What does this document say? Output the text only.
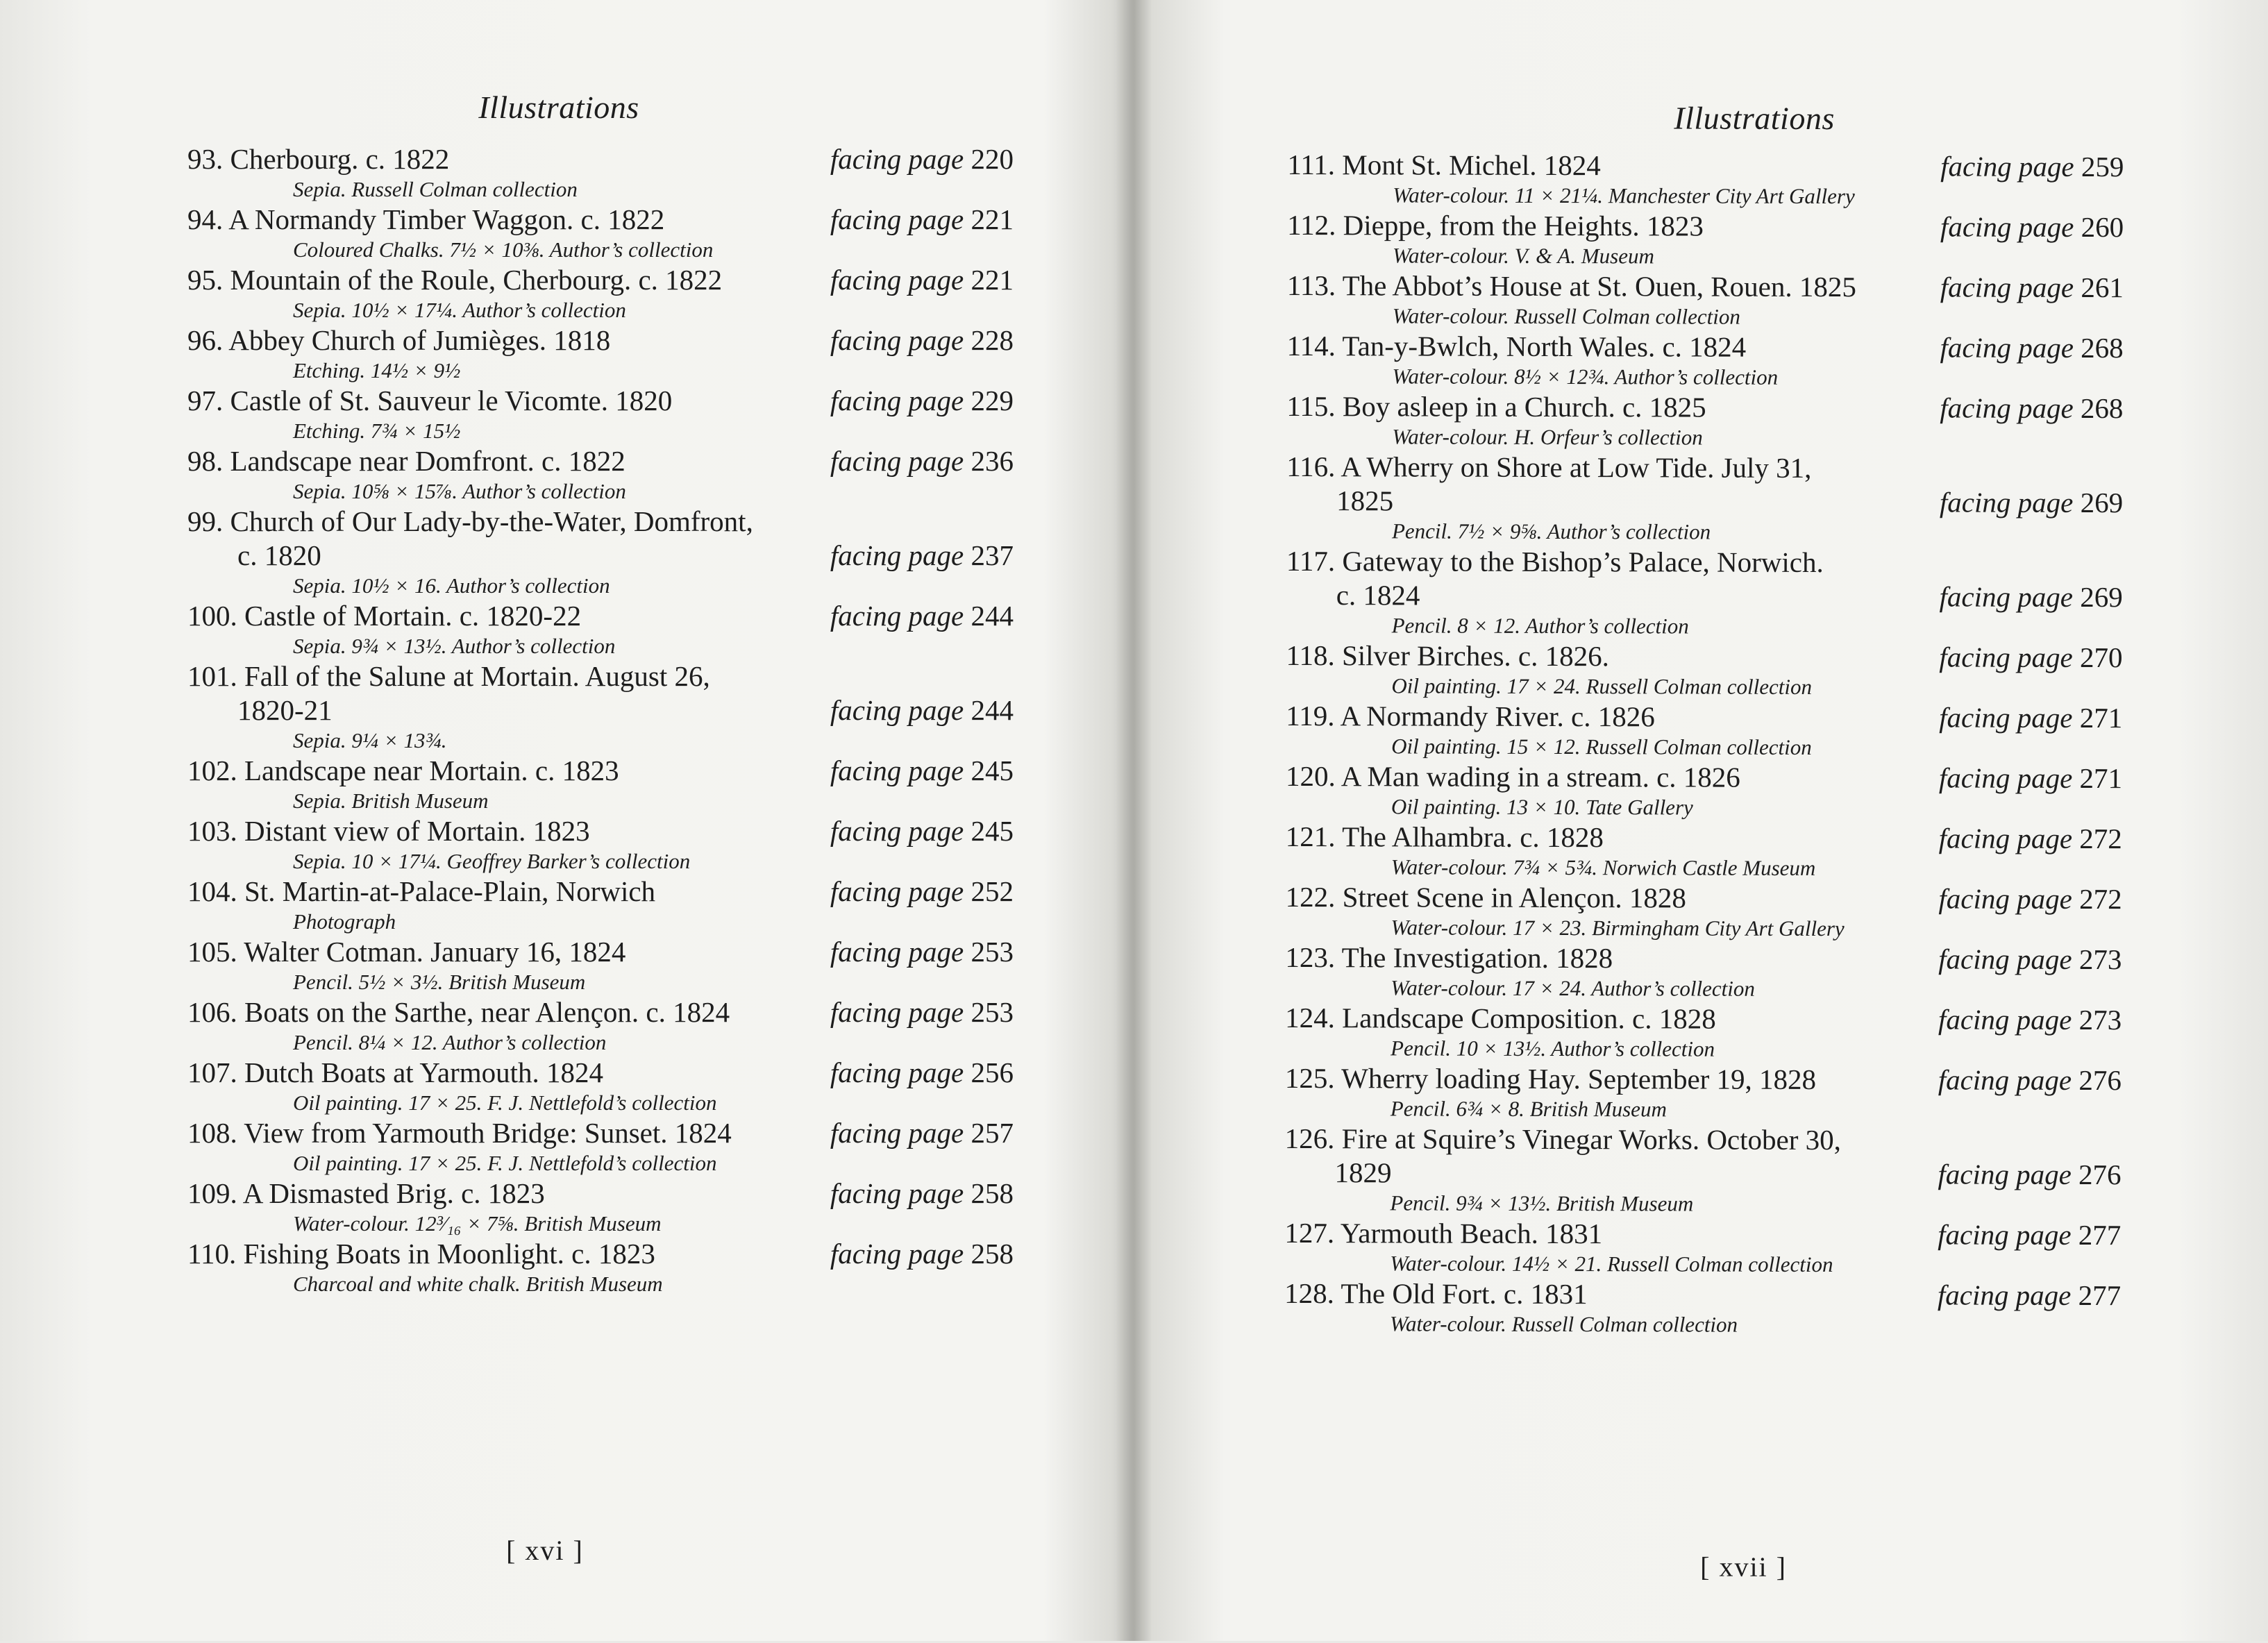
Illustrations
93. Cherbourg. c. 1822
Sepia. Russell Colman collection
facing page 220
94. A Normandy Timber Waggon. c. 1822
Coloured Chalks. 7½ × 10⅜. Author’s collection
facing page 221
95. Mountain of the Roule, Cherbourg. c. 1822
Sepia. 10½ × 17¼. Author’s collection
facing page 221
96. Abbey Church of Jumièges. 1818
Etching. 14½ × 9½
facing page 228
97. Castle of St. Sauveur le Vicomte. 1820
Etching. 7¾ × 15½
facing page 229
98. Landscape near Domfront. c. 1822
Sepia. 10⅝ × 15⅞. Author’s collection
facing page 236
99. Church of Our Lady-by-the-Water, Domfront,
c. 1820
Sepia. 10½ × 16. Author’s collection
facing page 237
100. Castle of Mortain. c. 1820-22
Sepia. 9¾ × 13½. Author’s collection
facing page 244
101. Fall of the Salune at Mortain. August 26,
1820-21
Sepia. 9¼ × 13¾.
facing page 244
102. Landscape near Mortain. c. 1823
Sepia. British Museum
facing page 245
103. Distant view of Mortain. 1823
Sepia. 10 × 17¼. Geoffrey Barker’s collection
facing page 245
104. St. Martin-at-Palace-Plain, Norwich
Photograph
facing page 252
105. Walter Cotman. January 16, 1824
Pencil. 5½ × 3½. British Museum
facing page 253
106. Boats on the Sarthe, near Alençon. c. 1824
Pencil. 8¼ × 12. Author’s collection
facing page 253
107. Dutch Boats at Yarmouth. 1824
Oil painting. 17 × 25. F. J. Nettlefold’s collection
facing page 256
108. View from Yarmouth Bridge: Sunset. 1824
Oil painting. 17 × 25. F. J. Nettlefold’s collection
facing page 257
109. A Dismasted Brig. c. 1823
Water-colour. 12³⁄₁₆ × 7⅝. British Museum
facing page 258
110. Fishing Boats in Moonlight. c. 1823
Charcoal and white chalk. British Museum
facing page 258
[ xvi ]
Illustrations
111. Mont St. Michel. 1824
Water-colour. 11 × 21¼. Manchester City Art Gallery
facing page 259
112. Dieppe, from the Heights. 1823
Water-colour. V. & A. Museum
facing page 260
113. The Abbot’s House at St. Ouen, Rouen. 1825
Water-colour. Russell Colman collection
facing page 261
114. Tan-y-Bwlch, North Wales. c. 1824
Water-colour. 8½ × 12¾. Author’s collection
facing page 268
115. Boy asleep in a Church. c. 1825
Water-colour. H. Orfeur’s collection
facing page 268
116. A Wherry on Shore at Low Tide. July 31,
1825
Pencil. 7½ × 9⅝. Author’s collection
facing page 269
117. Gateway to the Bishop’s Palace, Norwich.
c. 1824
Pencil. 8 × 12. Author’s collection
facing page 269
118. Silver Birches. c. 1826.
Oil painting. 17 × 24. Russell Colman collection
facing page 270
119. A Normandy River. c. 1826
Oil painting. 15 × 12. Russell Colman collection
facing page 271
120. A Man wading in a stream. c. 1826
Oil painting. 13 × 10. Tate Gallery
facing page 271
121. The Alhambra. c. 1828
Water-colour. 7¾ × 5¾. Norwich Castle Museum
facing page 272
122. Street Scene in Alençon. 1828
Water-colour. 17 × 23. Birmingham City Art Gallery
facing page 272
123. The Investigation. 1828
Water-colour. 17 × 24. Author’s collection
facing page 273
124. Landscape Composition. c. 1828
Pencil. 10 × 13½. Author’s collection
facing page 273
125. Wherry loading Hay. September 19, 1828
Pencil. 6¾ × 8. British Museum
facing page 276
126. Fire at Squire’s Vinegar Works. October 30,
1829
Pencil. 9¾ × 13½. British Museum
facing page 276
127. Yarmouth Beach. 1831
Water-colour. 14½ × 21. Russell Colman collection
facing page 277
128. The Old Fort. c. 1831
Water-colour. Russell Colman collection
facing page 277
[ xvii ]
